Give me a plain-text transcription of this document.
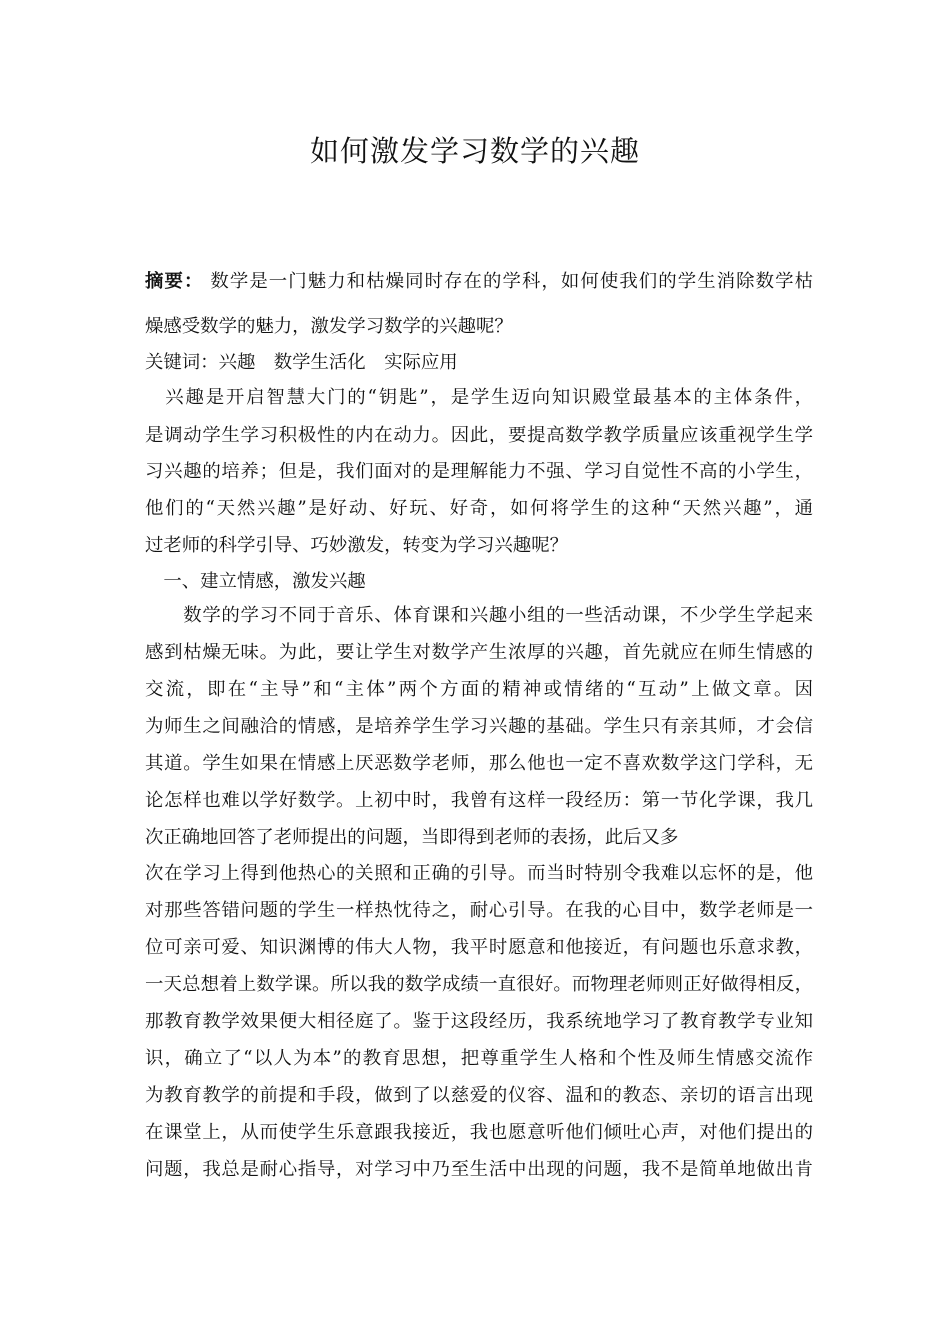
如何激发学习数学的兴趣
摘要： 数学是一门魅力和枯燥同时存在的学科，如何使我们的学生消除数学枯
燥感受数学的魅力，激发学习数学的兴趣呢？
关键词：兴趣　数学生活化　实际应用
　兴趣是开启智慧大门的“钥匙”，是学生迈向知识殿堂最基本的主体条件，
是调动学生学习积极性的内在动力。因此，要提高数学教学质量应该重视学生学
习兴趣的培养；但是，我们面对的是理解能力不强、学习自觉性不高的小学生，
他们的“天然兴趣”是好动、好玩、好奇，如何将学生的这种“天然兴趣”，通
过老师的科学引导、巧妙激发，转变为学习兴趣呢？
　一、建立情感，激发兴趣
　　数学的学习不同于音乐、体育课和兴趣小组的一些活动课，不少学生学起来
感到枯燥无味。为此，要让学生对数学产生浓厚的兴趣，首先就应在师生情感的
交流，即在“主导”和“主体”两个方面的精神或情绪的“互动”上做文章。因
为师生之间融洽的情感，是培养学生学习兴趣的基础。学生只有亲其师，才会信
其道。学生如果在情感上厌恶数学老师，那么他也一定不喜欢数学这门学科，无
论怎样也难以学好数学。上初中时，我曾有这样一段经历：第一节化学课，我几
次正确地回答了老师提出的问题，当即得到老师的表扬，此后又多
次在学习上得到他热心的关照和正确的引导。而当时特别令我难以忘怀的是，他
对那些答错问题的学生一样热忱待之，耐心引导。在我的心目中，数学老师是一
位可亲可爱、知识渊博的伟大人物，我平时愿意和他接近，有问题也乐意求教，
一天总想着上数学课。所以我的数学成绩一直很好。而物理老师则正好做得相反，
那教育教学效果便大相径庭了。鉴于这段经历，我系统地学习了教育教学专业知
识，确立了“以人为本”的教育思想，把尊重学生人格和个性及师生情感交流作
为教育教学的前提和手段，做到了以慈爱的仪容、温和的教态、亲切的语言出现
在课堂上，从而使学生乐意跟我接近，我也愿意听他们倾吐心声，对他们提出的
问题，我总是耐心指导，对学习中乃至生活中出现的问题，我不是简单地做出肯
